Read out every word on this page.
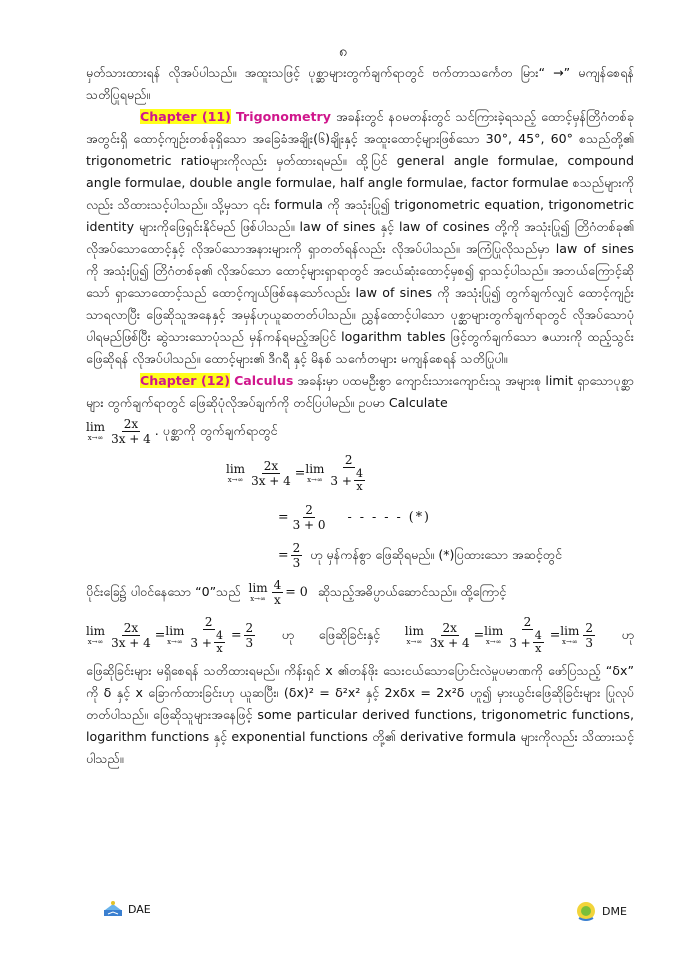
၈

မှတ်သားထားရန် လိုအပ်ပါသည်။ အထူးသဖြင့် ပုစ္ဆာများတွက်ချက်ရာတွင် ဗက်တာသင်္ကေတ မြား“ →” မကျန်စေရန် သတိပြုရမည်။

Chapter (11) Trigonometry အခန်းတွင် နဝမတန်းတွင် သင်ကြားခဲ့ရသည့် ထောင့်မှန်တြိဂံတစ်ခု အတွင်းရှိ ထောင့်ကျဉ်းတစ်ခုရှိသော အခြေခံအချိုး(၆)ချိုးနှင့် အထူးထောင့်များဖြစ်သော 30°, 45°, 60° စသည်တို့၏ trigonometric ratioများကိုလည်း မှတ်ထားရမည်။ ထို့ပြင် general angle formulae, compound angle formulae, double angle formulae, half angle formulae, factor formulae စသည်များကိုလည်း သိထားသင့်ပါသည်။ သို့မှသာ ၎င်း formula ကို အသုံးပြု၍ trigonometric equation, trigonometric identity များကိုဖြေရှင်းနိုင်မည် ဖြစ်ပါသည်။ law of sines နှင့် law of cosines တို့ကို အသုံးပြု၍ တြိဂံတစ်ခု၏ လိုအပ်သောထောင့်နှင့် လိုအပ်သောအနားများကို ရှာတတ်ရန်လည်း လိုအပ်ပါသည်။ အကြံပြုလိုသည်မှာ law of sines ကို အသုံးပြု၍ တြိဂံတစ်ခု၏ လိုအပ်သော ထောင့်များရှာရာတွင် အငယ်ဆုံးထောင့်မှစ၍ ရှာသင့်ပါသည်။ အဘယ်ကြောင့်ဆိုသော် ရှာသောထောင့်သည် ထောင့်ကျယ်ဖြစ်နေသော်လည်း law of sines ကို အသုံးပြု၍ တွက်ချက်လျှင် ထောင့်ကျဉ်းသာရလာပြီး ဖြေဆိုသူအနေနှင့် အမှန်ဟုယူဆတတ်ပါသည်။ ညွှန်ထောင့်ပါသော ပုစ္ဆာများတွက်ချက်ရာတွင် လိုအပ်သောပုံ ပါရမည်ဖြစ်ပြီး ဆွဲသားသောပုံသည် မှန်ကန်ရမည့်အပြင် logarithm tables ဖြင့်တွက်ချက်သော ဇယားကို ထည့်သွင်းဖြေဆိုရန် လိုအပ်ပါသည်။ ထောင့်များ၏ ဒီဂရီ နှင့် မိနစ် သင်္ကေတများ မကျန်စေရန် သတိပြုပါ။

Chapter (12) Calculus အခန်းမှာ ပထမဦးစွာ ကျောင်းသားကျောင်းသူ အများစု limit ရှာသောပုစ္ဆာများ တွက်ချက်ရာတွင် ဖြေဆိုပုံလိုအပ်ချက်ကို တင်ပြပါမည်။ ဥပမာ Calculate

lim
$x\to\infty \frac{2x}{3x + 4}$ . ပုစ္ဆာကို တွက်ချက်ရာတွင်
lim
$x\to\infty \frac{2x}{3x + 4} = \lim$
$x\to\infty \frac{2}{3 + \frac{4}{x}}$
= $\frac{2}{3 + 0}$ - - - - - (*)
= $\frac{2}{3}$ ဟု မှန်ကန်စွာ ဖြေဆိုရမည်။ (*)ပြထားသော အဆင့်တွင်
ပိုင်းခြေ၌ ပါဝင်နေသော “0”သည် lim
$x\to\infty \frac{4}{x} = 0$ ဆိုသည့်အဓိပ္ပာယ်ဆောင်သည်။ ထို့ကြောင့်
lim
$x\to\infty \frac{2x}{3x + 4} = \lim$
$x\to\infty \frac{2}{3 + \frac{4}{x}} = \frac{2}{3}$ ဟု ဖြေဆိုခြင်းနှင့် lim
$x\to\infty \frac{2x}{3x + 4} = \lim$
$x\to\infty \frac{2}{3 + \frac{4}{x}} = \lim$
$x\to\infty \frac{2}{3}$ ဟု

ဖြေဆိုခြင်းများ မရှိစေရန် သတိထားရမည်။ ကိန်းရှင် x ၏တန်ဖိုး သေးငယ်သောပြောင်းလဲမှုပမာဏကို ဖော်ပြသည့် “δx” ကို δ နှင့် x ခြောက်ထားခြင်းဟု ယူဆပြီး၊ (δx)² = δ²x² နှင့် 2xδx = 2x²δ ဟူ၍ မှားယွင်းဖြေဆိုခြင်းများ ပြုလုပ်တတ်ပါသည်။ ဖြေဆိုသူများအနေဖြင့် some particular derived functions, trigonometric functions, logarithm functions နှင့် exponential functions တို့၏ derivative formula များကိုလည်း သိထားသင့်ပါသည်။

DAE	DME
